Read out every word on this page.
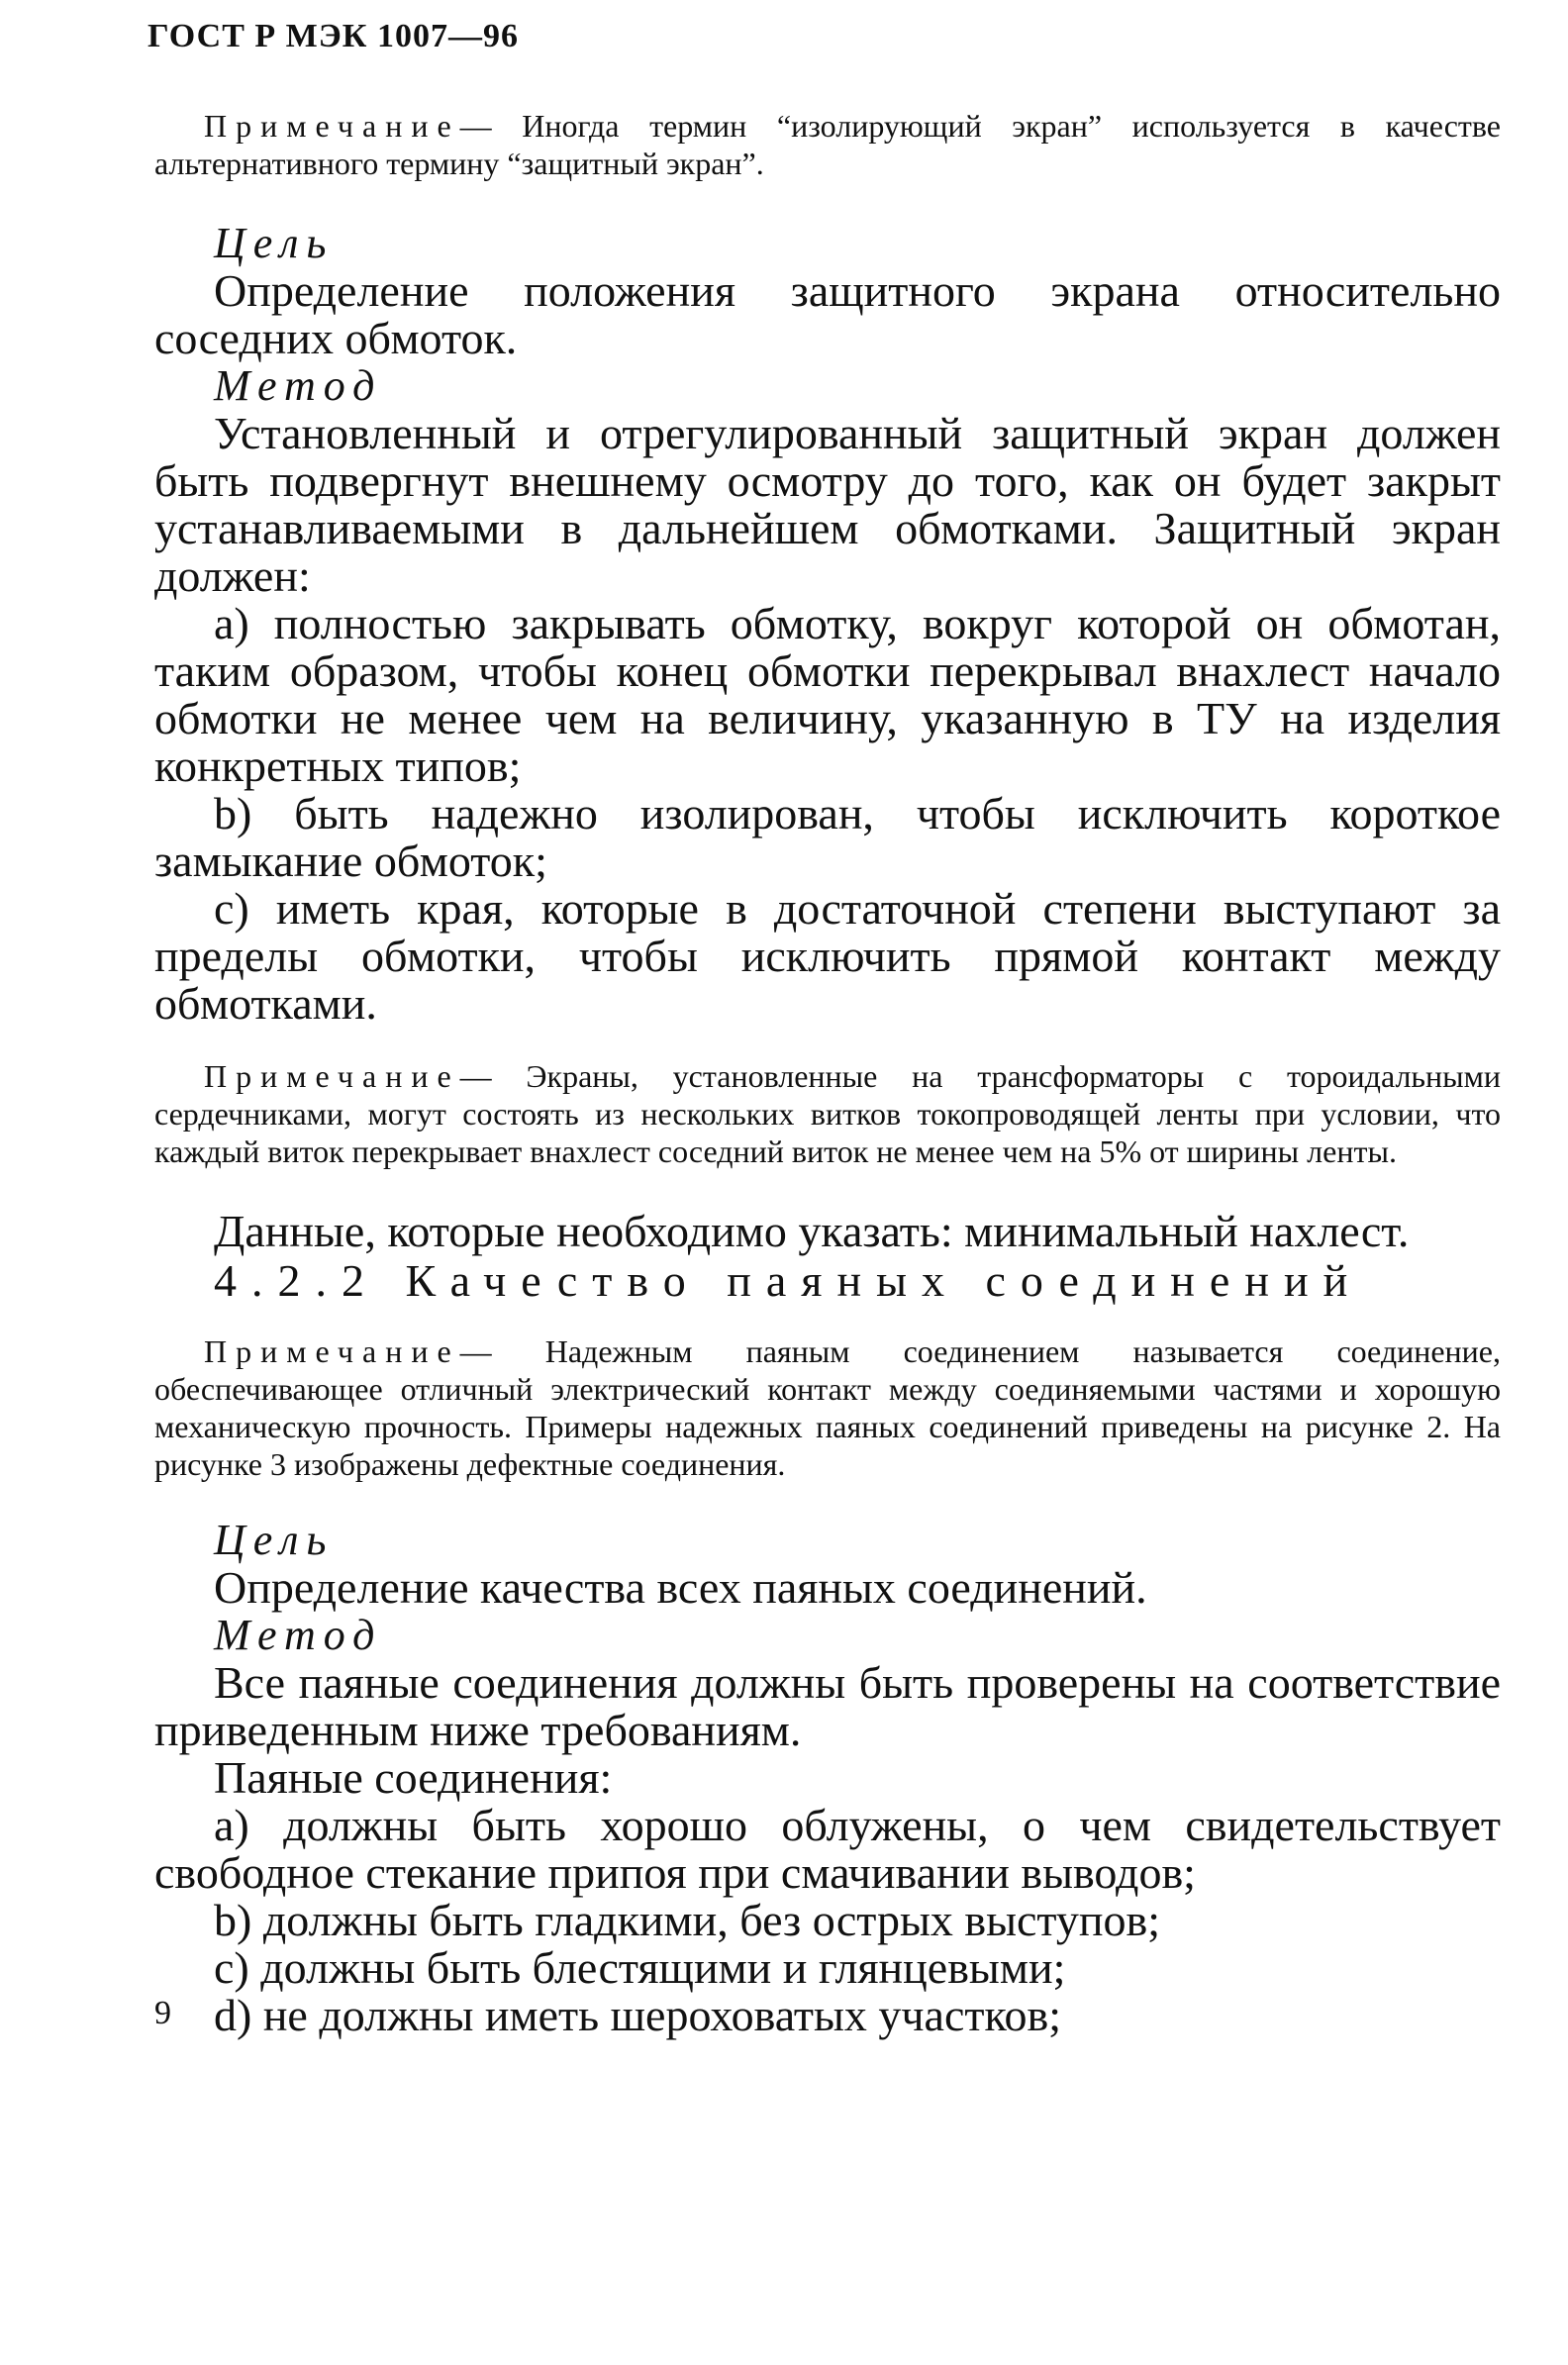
ГОСТ Р МЭК 1007—96

Примечание— Иногда термин “изолирующий экран” используется в качестве альтернативного термину “защитный экран”.

Цель

Определение положения защитного экрана относительно соседних обмоток.

Метод

Установленный и отрегулированный защитный экран должен быть подвергнут внешнему осмотру до того, как он будет закрыт устанавливаемыми в дальнейшем обмотками. Защитный экран должен:

a) полностью закрывать обмотку, вокруг которой он обмотан, таким образом, чтобы конец обмотки перекрывал внахлест начало обмотки не менее чем на величину, указанную в ТУ на изделия конкретных типов;

b) быть надежно изолирован, чтобы исключить короткое замыкание обмоток;

c) иметь края, которые в достаточной степени выступают за пределы обмотки, чтобы исключить прямой контакт между обмотками.

Примечание— Экраны, установленные на трансформаторы с тороидальными сердечниками, могут состоять из нескольких витков токопроводящей ленты при условии, что каждый виток перекрывает внахлест соседний виток не менее чем на 5% от ширины ленты.

Данные, которые необходимо указать: минимальный нахлест.

4.2.2 Качество паяных соединений

Примечание— Надежным паяным соединением называется соединение, обеспечивающее отличный электрический контакт между соединяемыми частями и хорошую механическую прочность. Примеры надежных паяных соединений приведены на рисунке 2. На рисунке 3 изображены дефектные соединения.

Цель

Определение качества всех паяных соединений.

Метод

Все паяные соединения должны быть проверены на соответствие приведенным ниже требованиям.

Паяные соединения:

a) должны быть хорошо облужены, о чем свидетельствует свободное стекание припоя при смачивании выводов;

b) должны быть гладкими, без острых выступов;

c) должны быть блестящими и глянцевыми;

d) не должны иметь шероховатых участков;

9
